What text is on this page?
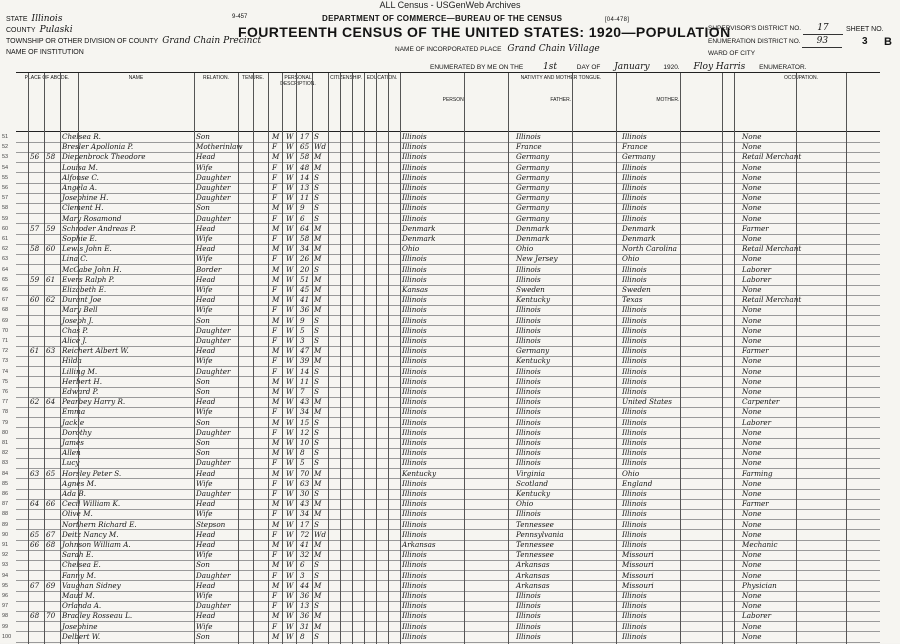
ALL Census - USGenWeb Archives
STATE Illinois
COUNTY Pulaski
TOWNSHIP OR OTHER DIVISION OF COUNTY Grand Chain Precinct
NAME OF INSTITUTION
9-457	DEPARTMENT OF COMMERCE—BUREAU OF THE CENSUS	[04-478]
FOURTEENTH CENSUS OF THE UNITED STATES: 1920—POPULATION
NAME OF INCORPORATED PLACE Grand Chain Village
ENUMERATED BY ME ON THE 1st	DAY OF January 1920. Floy Harris ENUMERATOR.
SUPERVISOR'S DISTRICT NO. 17
ENUMERATION DISTRICT NO. 93
WARD OF CITY
SHEET NO.
3	B
PLACE OF ABODE.	NAME	RELATION.	TENURE.	PERSONAL DESCRIPTION.
CITIZENSHIP. EDUCATION.	NATIVITY AND MOTHER TONGUE.
PERSON.	FATHER.	MOTHER.
OCCUPATION.
51	Chelsea R.	Son	M W 17 S	Illinois	Illinois	Illinois	None
52	Bresler Apollonia P.	Motherinlaw	F W 65 Wd	Illinois	France	France	None
53	56 58 Diepenbrock Theodore	Head	M W 58 M	Illinois	Germany	Germany	Retail Merchant
54	Louisa M.	Wife	F W 48 M	Illinois	Germany	Illinois	None
55	Alfonse C.	Daughter	F W 14 S	Illinois	Germany	Illinois	None
56	Angela A.	Daughter	F W 13 S	Illinois	Germany	Illinois	None
57	Josephine H.	Daughter	F W 11 S	Illinois	Germany	Illinois	None
58	Clement H.	Son	M W 9 S	Illinois	Germany	Illinois	None
59	Mary Rosamond	Daughter	F W 6 S	Illinois	Germany	Illinois	None
60	57 59 Schroder Andreas P.	Head	M W 64 M	Denmark	Denmark	Denmark	Farmer
61	Sophie E.	Wife	F W 58 M	Denmark	Denmark	Denmark	None
62	58 60 Lewis John E.	Head	M W 34 M	Ohio	Ohio	North Carolina	Retail Merchant
63	Lina C.	Wife	F W 26 M	Illinois	New Jersey	Ohio	None
64	McCabe John H.	Border	M W 20 S	Illinois	Illinois	Illinois	Laborer
65	59 61 Evers Ralph P.	Head	M W 51 M	Illinois	Illinois	Illinois	Laborer
66	Elizabeth E.	Wife	F W 45 M	Kansas	Sweden	Sweden	None
67	60 62 Durant Joe	Head	M W 41 M	Illinois	Kentucky	Texas	Retail Merchant
68	Mary Bell	Wife	F W 36 M	Illinois	Illinois	Illinois	None
69	Joseph J.	Son	M W 9 S	Illinois	Illinois	Illinois	None
70	Chas P.	Daughter	F W 5 S	Illinois	Illinois	Illinois	None
71	Alice J.	Daughter	F W 3 S	Illinois	Illinois	Illinois	None
72	61 63 Reichert Albert W.	Head	M W 47 M	Illinois	Germany	Illinois	Farmer
73	Hilda	Wife	F W 39 M	Illinois	Kentucky	Illinois	None
74	Lilling M.	Daughter	F W 14 S	Illinois	Illinois	Illinois	None
75	Herbert H.	Son	M W 11 S	Illinois	Illinois	Illinois	None
76	Edward P.	Son	M W 7 S	Illinois	Illinois	Illinois	None
77	62 64 Pearbey Harry R.	Head	M W 43 M	Illinois	Illinois	United States	Carpenter
78	Emma	Wife	F W 34 M	Illinois	Illinois	Illinois	None
79	Jackie	Son	M W 15 S	Illinois	Illinois	Illinois	Laborer
80	Dorothy	Daughter	F W 12 S	Illinois	Illinois	Illinois	None
81	James	Son	M W 10 S	Illinois	Illinois	Illinois	None
82	Allen	Son	M W 8 S	Illinois	Illinois	Illinois	None
83	Lucy	Daughter	F W 5 S	Illinois	Illinois	Illinois	None
84	63 65 Horsley Peter S.	Head	M W 70 M	Kentucky	Virginia	Ohio	Farming
85	Agnes M.	Wife	F W 63 M	Illinois	Scotland	England	None
86	Ada B.	Daughter	F W 30 S	Illinois	Kentucky	Illinois	None
87	64 66 Cecil William K.	Head	M W 43 M	Illinois	Ohio	Illinois	Farmer
88	Olive M.	Wife	F W 34 M	Illinois	Illinois	Illinois	None
89	Northern Richard E.	Stepson	M W 17 S	Illinois	Tennessee	Illinois	None
90	65 67 Deitz Nancy M.	Head	F W 72 Wd	Illinois	Pennsylvania	Illinois	None
91	66 68 Johnson William A.	Head	M W 41 M	Arkansas	Tennessee	Illinois	Mechanic
92	Sarah E.	Wife	F W 32 M	Illinois	Tennessee	Missouri	None
93	Chelsea E.	Son	M W 6 S	Illinois	Arkansas	Missouri	None
94	Fanny M.	Daughter	F W 3 S	Illinois	Arkansas	Missouri	None
95	67 69 Vaughan Sidney	Head	M W 44 M	Illinois	Arkansas	Missouri	Physician
96	Maud M.	Wife	F W 36 M	Illinois	Illinois	Illinois	None
97	Orlanda A.	Daughter	F W 13 S	Illinois	Illinois	Illinois	None
98	68 70 Bradley Rosseau L.	Head	M W 36 M	Illinois	Illinois	Illinois	Laborer
99	Josephine	Wife	F W 31 M	Illinois	Illinois	Illinois	None
100	Delbert W.	Son	M W 8 S	Illinois	Illinois	Illinois	None
